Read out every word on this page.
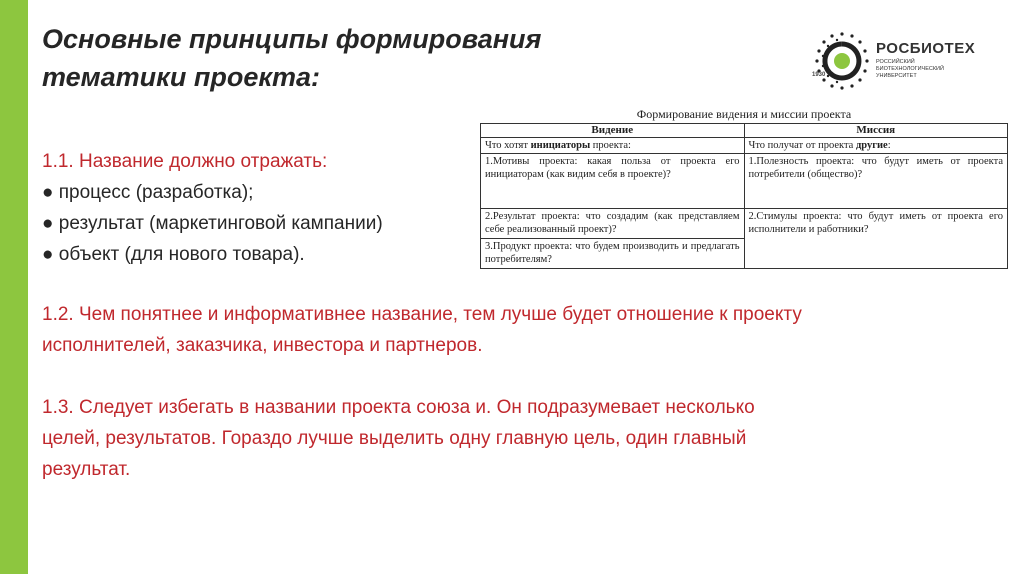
Основные принципы формирования
тематики проекта:
РОСБИОТЕХ
РОССИЙСКИЙ
БИОТЕХНОЛОГИЧЕСКИЙ
УНИВЕРСИТЕТ
1930
Формирование видения и миссии проекта
Видение	Миссия
Что хотят инициаторы проекта:	Что получат от проекта другие:
1.Мотивы проекта: какая польза от проекта его инициаторам (как видим себя в проекте)?	1.Полезность проекта: что будут иметь от проекта потребители (общество)?
2.Результат проекта: что создадим (как представляем себе реализованный проект)?	2.Стимулы проекта: что будут иметь от проекта его исполнители и работники?
3.Продукт проекта: что будем производить и предлагать потребителям?	
1.1. Название должно отражать:
● процесс (разработка);
● результат (маркетинговой кампании)
● объект (для нового товара).
1.2. Чем понятнее и информативнее название, тем лучше будет отношение к проекту
исполнителей, заказчика, инвестора и партнеров.
1.3. Следует избегать в названии проекта союза и. Он подразумевает несколько
целей, результатов. Гораздо лучше выделить одну главную цель, один главный
результат.
